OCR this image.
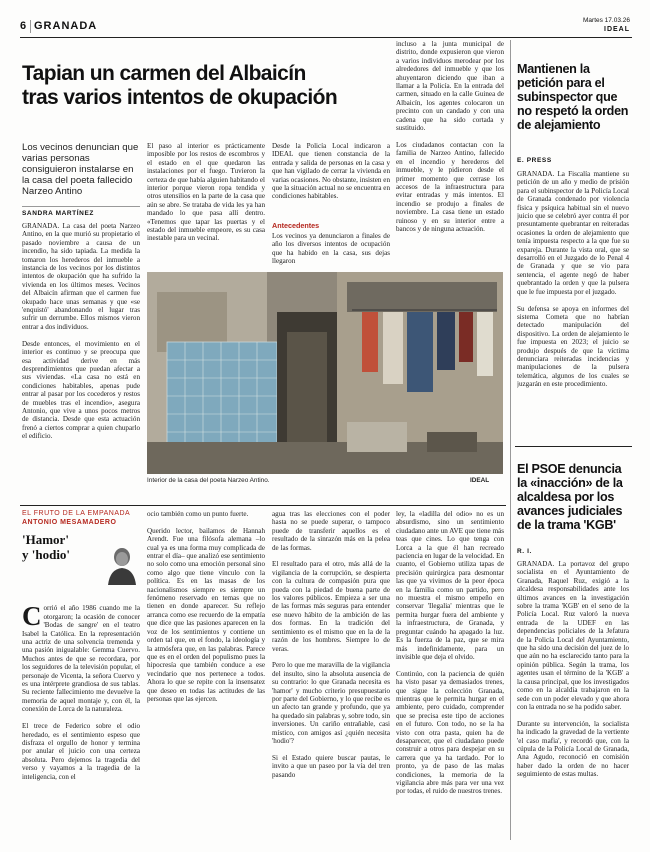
6 GRANADA	Martes 17.03.26
IDEAL
Tapian un carmen del Albaicín
tras varios intentos de okupación
Los vecinos denuncian que varias personas consiguieron instalarse en la casa del poeta fallecido Narzeo Antino
SANDRA MARTÍNEZ
GRANADA. La casa del poeta Narzeo Antino, en la que murió su propietario el pasado noviembre a causa de un incendio, ha sido tapiada. La medida la tomaron los herederos del inmueble a instancia de los vecinos por los distintos intentos de okupación que ha sufrido la vivienda en los últimos meses. Vecinos del Albaicín afirman que el carmen fue okupado hace unas semanas y que «se 'enquistó' abandonando el lugar tras sufrir un derrumbe. Ellos mismos vieron entrar a dos individuos.

Desde entonces, el movimiento en el interior es continuo y se preocupa que esa actividad derive en más desprendimientos que puedan afectar a sus viviendas. «La casa no está en condiciones habitables, apenas pude entrar al pasar por los cocederos y restos de muebles tras el incendio», asegura Antonio, que vive a unos pocos metros de distancia. Desde que esta actuación frenó a ciertos comprar a quien chuparlo el edificio.
El paso al interior es prácticamente imposible por los restos de escombros y el estado en el que quedaron las instalaciones por el fuego. Tuvieron la certeza de que había alguien habitando el interior porque vieron ropa tendida y otros utensilios en la parte de la casa que aún se abre. Se trataba de vida les ya han mandado lo que pasa allí dentro. «Tenemos que tapar las puertas y el estado del inmueble empeore, es su casa inestable para un vecinal.
Desde la Policía Local indicaron a IDEAL que tienen constancia de la entrada y salida de personas en la casa y que han vigilado de cerrar la vivienda en varias ocasiones. No obstante, insisten en que la situación actual no se encuentra en condiciones habitables.
Antecedentes
Los vecinos ya denunciaron a finales de año los diversos intentos de ocupación que ha habido en la casa, sus dejas llegaron
incluso a la junta municipal de distrito, donde expusieron que vieron a varios individuos merodear por los alrededores del inmueble y que los ahuyentaron diciendo que iban a llamar a la Policía. En la entrada del carmen, situado en la calle Guinea de Albaicín, los agentes colocaron un precinto con un candado y con una cadena que ha sido cortada y sustituido.

Los ciudadanos contactan con la familia de Narzeo Antino, fallecido en el incendio y herederos del inmueble, y le pidieron desde el primer momento que cerrase los accesos de la infraestructura para evitar entradas y más intentos. El incendio se produjo a finales de noviembre. La casa tiene un estado ruinoso y en su interior entre a bancos y de ninguna actuación.
Interior de la casa del poeta Narzeo Antino.	IDEAL
EL FRUTO DE LA EMPANADA
ANTONIO MESAMADERO
'Hamor'
y 'hodio'

Corrió el año 1986 cuando me la otorgaron; la ocasión de conocer 'Bodas de sangre' en el teatro Isabel la Católica. En la representación una actriz de una solvencia tremenda y una pasión inigualable: Gemma Cuervo. Muchos antes de que se recordara, por los seguidores de la televisión popular, el personaje de Vicenta, la señora Cuervo y es una intérprete grandiosa de sus tablas. Su reciente fallecimiento me devuelve la memoria de aquel montaje y, con él, la conexión de Lorca de la naturaleza.

El trece de Federico sobre el odio heredado, es el sentimiento espeso que disfraza el orgullo de honor y termina por anular el juicio con una certeza absoluta. Pero dejemos la tragedia del verso y vayamos a la tragedia de la inteligencia, con el

ocio también como un punto fuerte.

Querido lector, bailamos de Hannah Arendt. Fue una filósofa alemana –lo cual ya es una forma muy complicada de entrar el día– que analizó ese sentimiento no solo como una emoción personal sino como algo que tiene vínculo con la política. Es en las masas de los nacionalismos siempre es siempre un fenómeno reservado en temas que no tienen en donde aparecer. Su reflejo arranca como ese recuerdo de la empatía que dice que las pasiones aparecen en la voz de los sentimientos y contiene un orden tal que, en el fondo, la ideología y la atmósfera que, en las palabras. Parece que es en el orden del populismo pues la hipocresía que también conduce a ese vecindario que nos pertenece a todos. Ahora lo que se repite con la insensatez que deseo en todas las actitudes de las personas que las ejercen.
agua tras las elecciones con el poder hasta no se puede superar, o tampoco puede de transferir aquellos es el resultado de la sinrazón más en la pelea de las formas.

El resultado para el otro, más allá de la vigilancia de la corrupción, se despierta con la cultura de compasión pura que pueda con la piedad de buena parte de los valores públicos. Empieza a ser una de las formas más seguras para entender ese nuevo hábito de la ambición de las dos formas. En la tradición del sentimiento es el mismo que en la de la razón de los hombres. Siempre lo de veras.

Pero lo que me maravilla de la vigilancia del insulto, sino la absoluta ausencia de su contrario: lo que Granada necesita es 'hamor' y mucho criterio presupuestario por parte del Gobierno, y lo que recibe es un afecto tan grande y profundo, que ya ha quedado sin palabras y, sobre todo, sin inversiones. Un cariño entrañable, casi místico, con amigos así ¿quién necesita 'hodio'?

Si el Estado quiere buscar pautas, le invito a que un paseo por la vía del tren pasando
ley, la «ladilla del odio» no es un absurdismo, sino un sentimiento ciudadano ante un AVE que tiene más teas que cines. Lo que tenga con Lorca a la que él han recreado paciencia en lugar de la velocidad. En cuanto, el Gobierno utiliza tapas de precisión quirúrgica para desmontar las que ya vivimos de la peor época en la familia como un partido, pero no muestra el mismo empeño en conservar 'Ilegalia' mientras que le permita hurgar fuera del ambiente y la infraestructura, de Granada, y preguntar cuándo ha apagado la luz. Es la fuerza de la paz, que se mira más indefinidamente, para un invisible que deja el olvido.

Continúo, con la paciencia de quién ha visto pasar ya demasiados trenes, que sigue la colección Granada, mientras que le permita hurgar en el ambiente, pero cuidado, comprender que se precisa este tipo de acciones en el futuro. Con todo, no se la ha visto con otra pasta, quien ha de desaparecer, que el ciudadano puede construir a otros para despejar en su carrera que ya ha tardado. Por lo pronto, ya de paso de las malas condiciones, la memoria de la vigilancia abre más para ver una vez por todas, el ruido de nuestros trenes.
Mantienen la petición para el subinspector que no respetó la orden de alejamiento
E. PRESS
GRANADA. La Fiscalía mantiene su petición de un año y medio de prisión para el subinspector de la Policía Local de Granada condenado por violencia física y psíquica habitual sin el nuevo juicio que se celebró ayer contra él por presuntamente quebrantar en reiteradas ocasiones la orden de alejamiento que tenía impuesta respecto a la que fue su expareja. Durante la vista oral, que se desarrolló en el Juzgado de lo Penal 4 de Granada y que se vio para sentencia, el agente negó de haber quebrantado la orden y que la pulsera que le fue impuesta por el juzgado.

Su defensa se apoya en informes del sistema Cometa que no habrían detectado manipulación del dispositivo. La orden de alejamiento le fue impuesta en 2023; el juicio se produjo después de que la víctima denunciara reiteradas incidencias y manipulaciones de la pulsera telemática, algunos de los cuales se juzgarán en este procedimiento.
El PSOE denuncia la «inacción» de la alcaldesa por los avances judiciales de la trama 'KGB'
R. I.
GRANADA. La portavoz del grupo socialista en el Ayuntamiento de Granada, Raquel Ruz, exigió a la alcaldesa responsabilidades ante los últimos avances en la investigación sobre la trama 'KGB' en el seno de la Policía Local. Ruz valoró la nueva entrada de la UDEF en las dependencias policiales de la Jefatura de la Policía Local del Ayuntamiento, que ha sido una decisión del juez de lo que aún no ha esclarecido tanto para la opinión pública. Según la trama, los agentes usan el término de la 'KGB' a la causa principal, que los investigados como en la alcaldía trabajaron en la sede con un poder elevado y que ahora con la entrada no se ha podido saber.

Durante su intervención, la socialista ha indicado la gravedad de la vertiente 'el caso mafia', y recordó que, con la cúpula de la Policía Local de Granada, Ana Agudo, reconoció en comisión haber dado la orden de no hacer seguimiento de estas multas.
